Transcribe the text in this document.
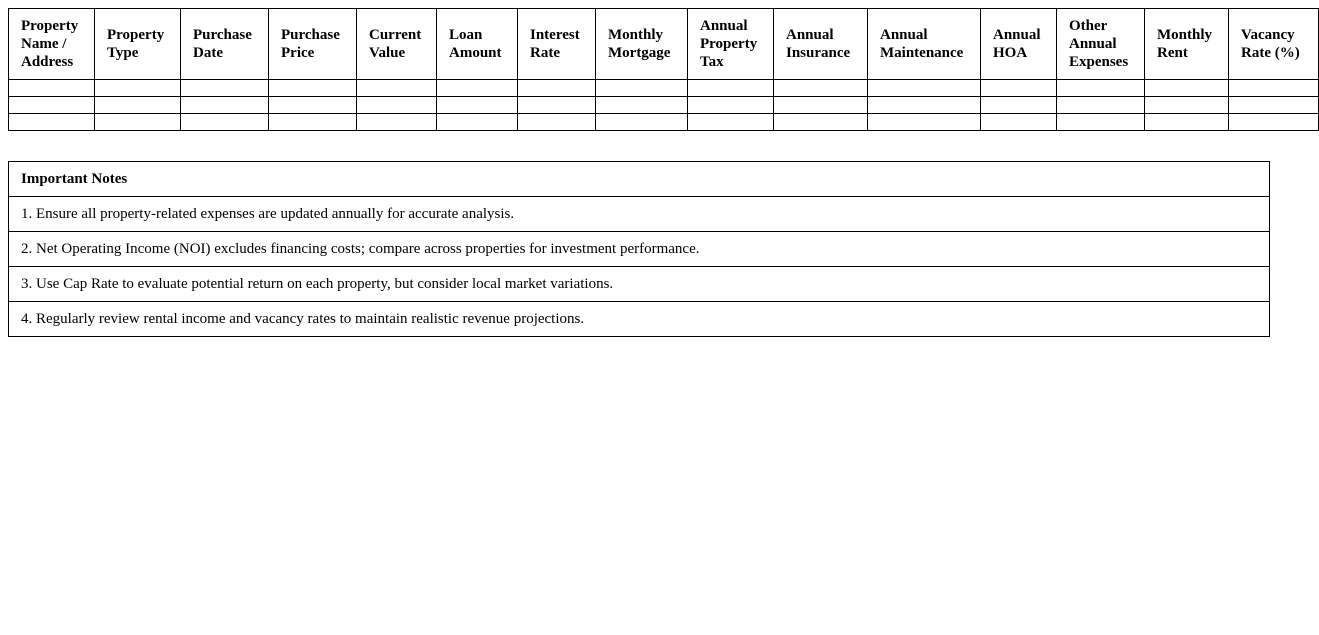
Property Name / Address	Property Type	Purchase Date	Purchase Price	Current Value	Loan Amount	Interest Rate	Monthly Mortgage	Annual Property Tax	Annual Insurance	Annual Maintenance	Annual HOA	Other Annual Expenses	Monthly Rent	Vacancy Rate (%)

Important Notes
1. Ensure all property-related expenses are updated annually for accurate analysis.
2. Net Operating Income (NOI) excludes financing costs; compare across properties for investment performance.
3. Use Cap Rate to evaluate potential return on each property, but consider local market variations.
4. Regularly review rental income and vacancy rates to maintain realistic revenue projections.
